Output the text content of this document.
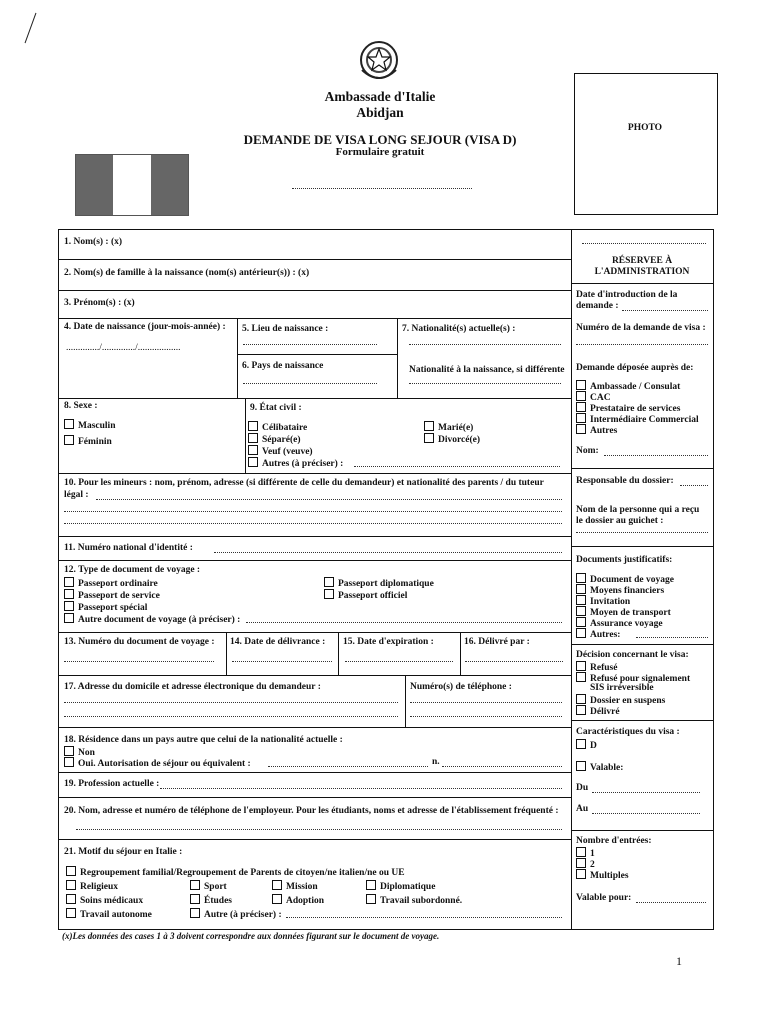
Ambassade d'Italie
Abidjan
DEMANDE DE VISA LONG SEJOUR (VISA D)
Formulaire gratuit
PHOTO
1. Nom(s) : (x)
2. Nom(s) de famille à la naissance (nom(s) antérieur(s)) : (x)
3. Prénom(s) : (x)
4. Date de naissance (jour-mois-année) :
............../............../..................
5. Lieu de naissance :
6. Pays de naissance
7. Nationalité(s) actuelle(s) :
Nationalité à la naissance, si différente
8. Sexe :
Masculin
Féminin
9. État civil :
Célibataire
Séparé(e)
Veuf (veuve)
Autres (à préciser) :
Marié(e)
Divorcé(e)
10. Pour les mineurs : nom, prénom, adresse (si différente de celle du demandeur) et nationalité des parents / du tuteur
légal :
11. Numéro national d'identité :
12. Type de document de voyage :
Passeport ordinaire
Passeport de service
Passeport spécial
Autre document de voyage (à préciser) :
Passeport diplomatique
Passeport officiel
13. Numéro du document de voyage : 14. Date de délivrance : 15. Date d'expiration :	16. Délivré par :
17. Adresse du domicile et adresse électronique du demandeur :	Numéro(s) de téléphone :
18. Résidence dans un pays autre que celui de la nationalité actuelle :
Non
Oui. Autorisation de séjour ou équivalent :	n.
19. Profession actuelle :
20. Nom, adresse et numéro de téléphone de l'employeur. Pour les étudiants, noms et adresse de l'établissement fréquenté :
21. Motif du séjour en Italie :
Regroupement familial/Regroupement de Parents de citoyen/ne italien/ne ou UE
Religieux
Soins médicaux
Travail autonome
Sport
Études
Autre (à préciser) :
Mission
Adoption
Diplomatique
Travail subordonné.
RÉSERVEE À
L'ADMINISTRATION
Date d'introduction de la
demande :
Numéro de la demande de visa :
Demande déposée auprès de:
Ambassade / Consulat
CAC
Prestataire de services
Intermédiaire Commercial
Autres
Nom:
Responsable du dossier:
Nom de la personne qui a reçu
le dossier au guichet :
Documents justificatifs:
Document de voyage
Moyens financiers
Invitation
Moyen de transport
Assurance voyage
Autres:
Décision concernant le visa:
Refusé
Refusé pour signalement
SIS irréversible
Dossier en suspens
Délivré
Caractéristiques du visa :
D
Valable:
Du
Au
Nombre d'entrées:
1
2
Multiples
Valable pour:
(x)Les données des cases 1 à 3 doivent correspondre aux données figurant sur le document de voyage.
1
